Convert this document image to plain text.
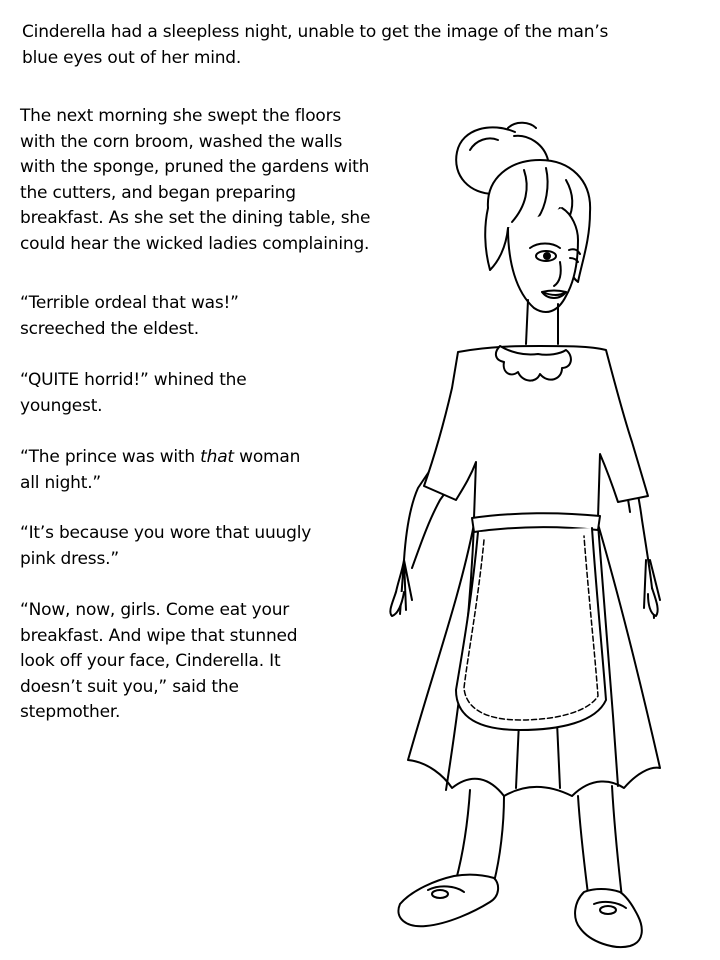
Cinderella had a sleepless night, unable to get the image of the man’s
blue eyes out of her mind.

The next morning she swept the floors
with the corn broom, washed the walls
with the sponge, pruned the gardens with
the cutters, and began preparing
breakfast. As she set the dining table, she
could hear the wicked ladies complaining.

“Terrible ordeal that was!”
screeched the eldest.

“QUITE horrid!” whined the
youngest.

“The prince was with that woman
all night.”

“It’s because you wore that uuugly
pink dress.”

“Now, now, girls. Come eat your
breakfast. And wipe that stunned
look off your face, Cinderella. It
doesn’t suit you,” said the
stepmother.
